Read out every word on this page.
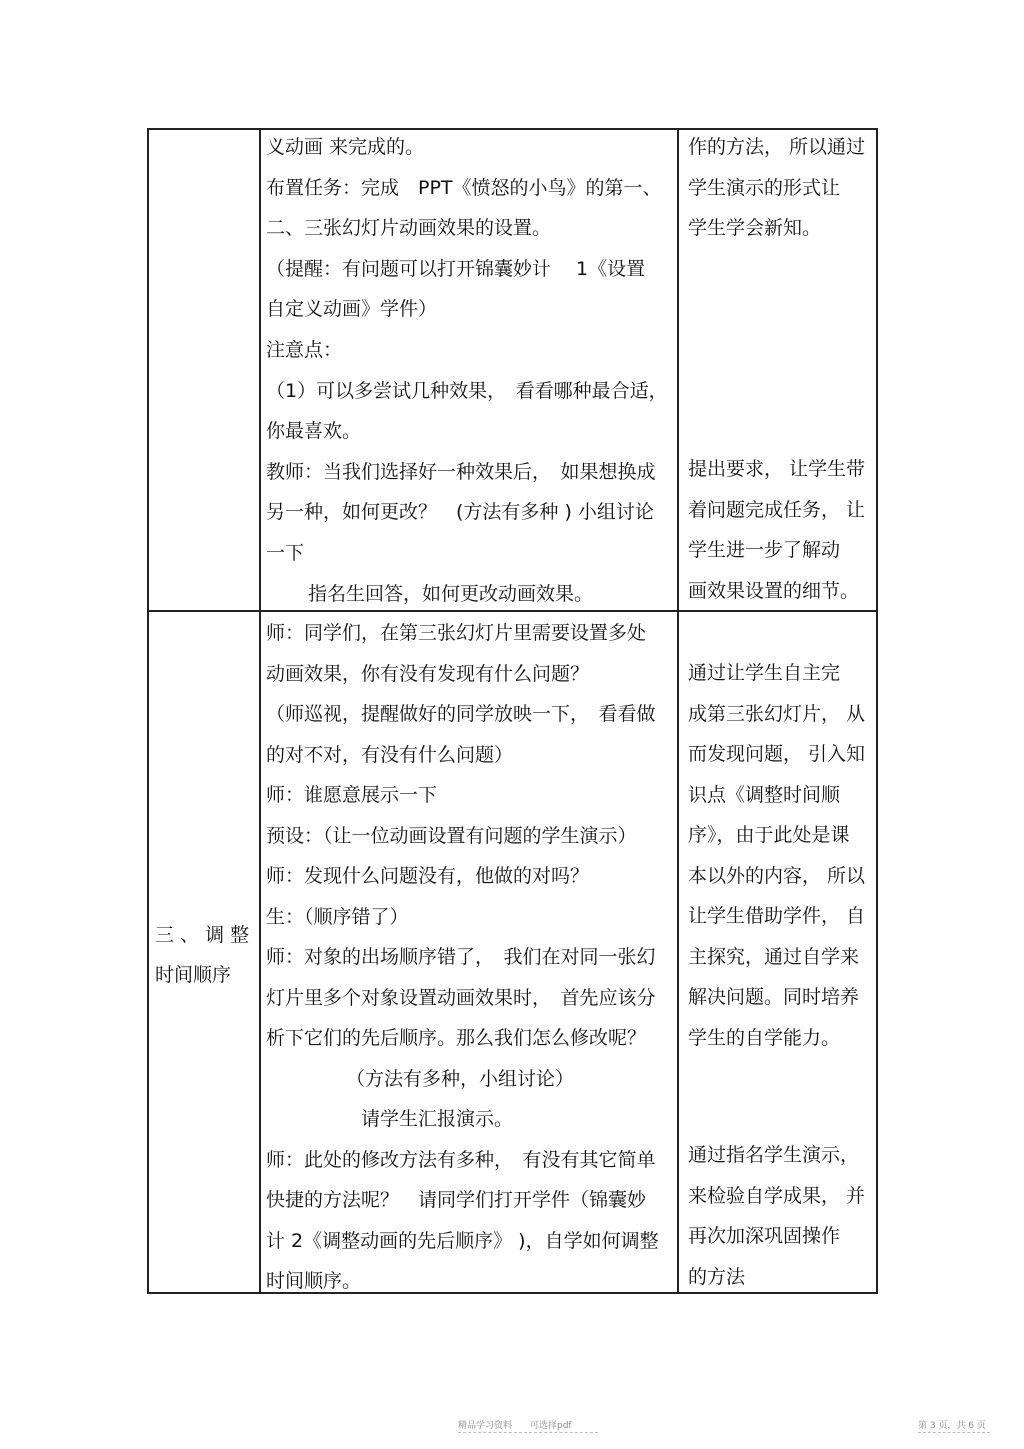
义动画 来完成的。
布置任务：完成　PPT《愤怒的小鸟》的第一、
二、三张幻灯片动画效果的设置。
（提醒：有问题可以打开锦囊妙计　 1《设置
自定义动画》学件）
注意点：
（1）可以多尝试几种效果，　看看哪种最合适，
你最喜欢。
教师：当我们选择好一种效果后，　如果想换成
另一种，如何更改？　(方法有多种 ) 小组讨论
一下
指名生回答，如何更改动画效果。
作的方法， 所以通过
学生演示的形式让
学生学会新知。
提出要求， 让学生带
着问题完成任务， 让
学生进一步了解动
画效果设置的细节。
三 、 调 整
时间顺序
师：同学们，在第三张幻灯片里需要设置多处
动画效果，你有没有发现有什么问题？
（师巡视，提醒做好的同学放映一下，　看看做
的对不对，有没有什么问题）
师：谁愿意展示一下
预设：（让一位动画设置有问题的学生演示）
师：发现什么问题没有，他做的对吗？
生：（顺序错了）
师：对象的出场顺序错了，　我们在对同一张幻
灯片里多个对象设置动画效果时，　首先应该分
析下它们的先后顺序。那么我们怎么修改呢？
（方法有多种，小组讨论）
请学生汇报演示。
师：此处的修改方法有多种，　有没有其它简单
快捷的方法呢？　请同学们打开学件（锦囊妙
计 2《调整动画的先后顺序》 )，自学如何调整
时间顺序。
通过让学生自主完
成第三张幻灯片， 从
而发现问题， 引入知
识点《调整时间顺
序》，由于此处是课
本以外的内容， 所以
让学生借助学件， 自
主探究，通过自学来
解决问题。同时培养
学生的自学能力。
通过指名学生演示，
来检验自学成果， 并
再次加深巩固操作
的方法
精品学习资料　　可选择pdf	第 3 页，共 6 页
